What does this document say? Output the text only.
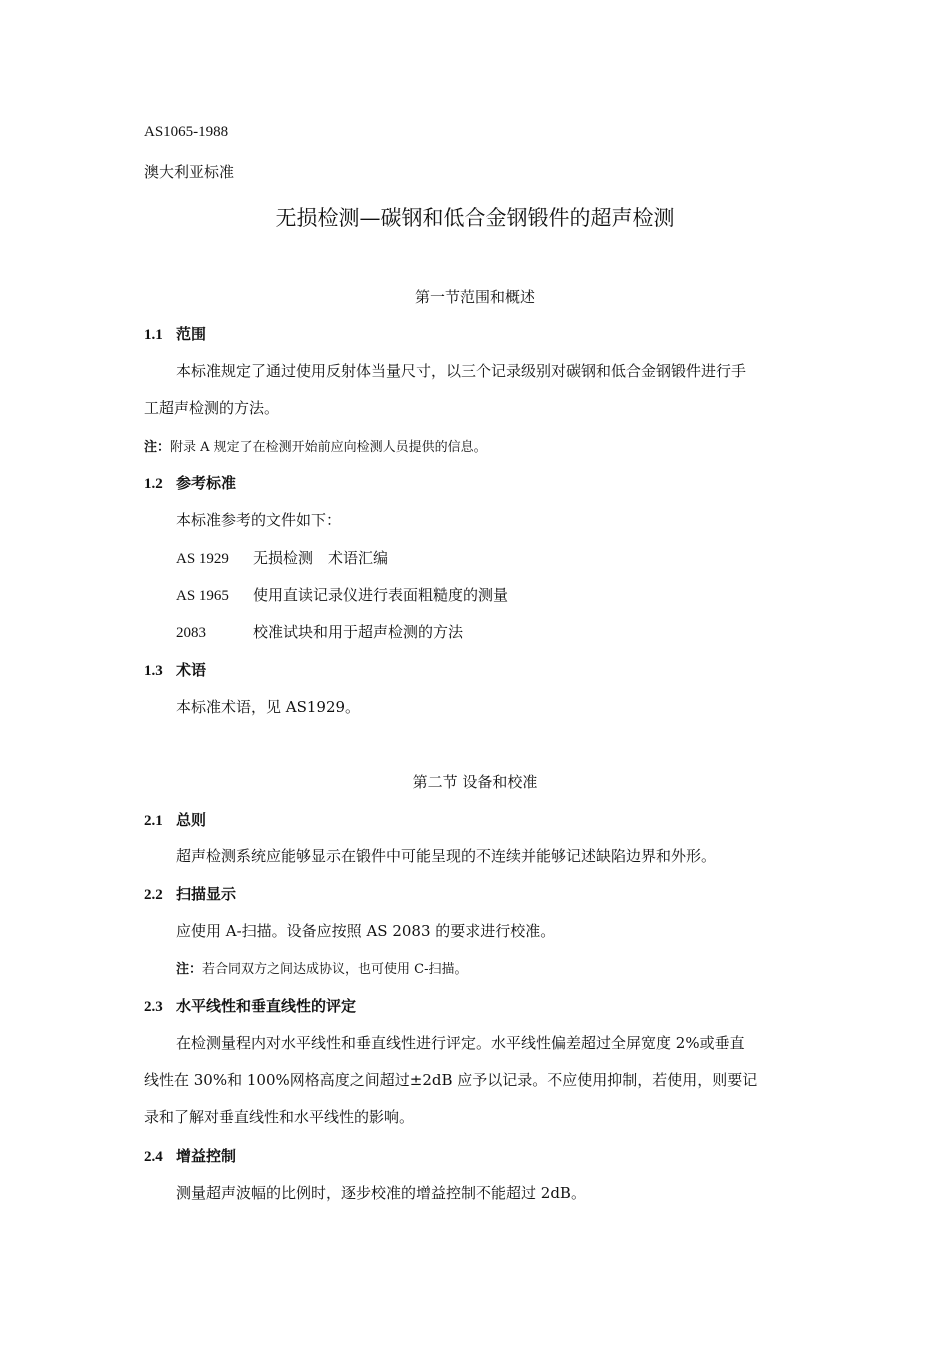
AS1065-1988
澳大利亚标准
无损检测—碳钢和低合金钢锻件的超声检测
第一节范围和概述
1.1 范围
本标准规定了通过使用反射体当量尺寸，以三个记录级别对碳钢和低合金钢锻件进行手
工超声检测的方法。
注：附录 A 规定了在检测开始前应向检测人员提供的信息。
1.2 参考标准
本标准参考的文件如下：
AS 1929 无损检测　术语汇编
AS 1965 使用直读记录仪进行表面粗糙度的测量
2083	校准试块和用于超声检测的方法
1.3 术语
本标准术语，见 AS1929。
第二节 设备和校准
2.1 总则
超声检测系统应能够显示在锻件中可能呈现的不连续并能够记述缺陷边界和外形。
2.2 扫描显示
应使用 A-扫描。设备应按照 AS 2083 的要求进行校准。
注：若合同双方之间达成协议，也可使用 C-扫描。
2.3 水平线性和垂直线性的评定
在检测量程内对水平线性和垂直线性进行评定。水平线性偏差超过全屏宽度 2%或垂直
线性在 30%和 100%网格高度之间超过±2dB 应予以记录。不应使用抑制，若使用，则要记
录和了解对垂直线性和水平线性的影响。
2.4 增益控制
测量超声波幅的比例时，逐步校准的增益控制不能超过 2dB。
